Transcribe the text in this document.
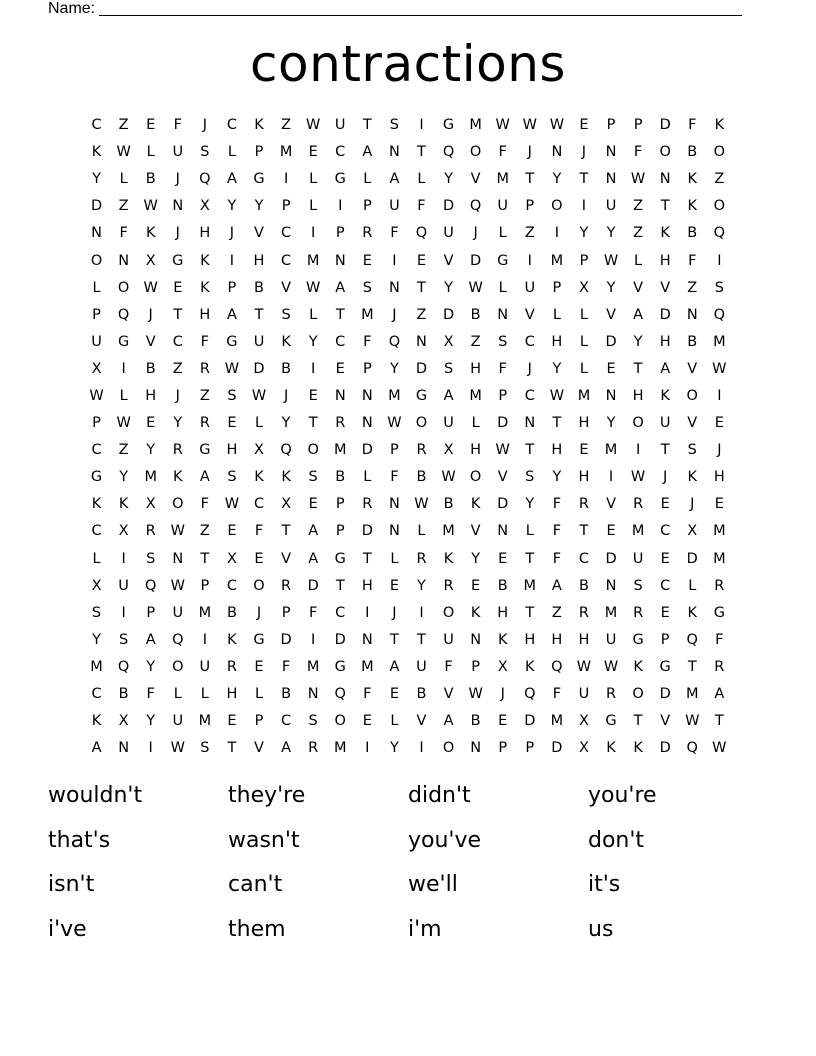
Name:
contractions
C	Z	E	F	J	C	K	Z	W	U	T	S	I	G	M W W W	E	P	P	D	F	K
K	W	L	U	S	L	P	M	E	C	A	N	T	Q	O	F	J	N	J	N	F	O	B	O
Y	L	B	J	Q	A	G	I	L	G	L	A	L	Y	V	M	T	Y	T	N W N	K	Z
D	Z	W N	X	Y	Y	P	L	I	P	U	F	D	Q	U	P	O	I	U	Z	T	K	O
N	F	K	J	H	J	V	C	I	P	R	F	Q	U	J	L	Z	I	Y	Y	Z	K	B	Q
O	N	X	G	K	I	H	C	M	N	E	I	E	V	D	G	I	M	P	W	L	H	F	I
L	O W	E	K	P	B	V	W	A	S	N	T	Y	W	L	U	P	X	Y	V	V	Z	S
P	Q	J	T	H	A	T	S	L	T	M	J	Z	D	B	N	V	L	L	V	A	D	N	Q
U	G	V	C	F	G	U	K	Y	C	F	Q	N	X	Z	S	C	H	L	D	Y	H	B	M
X	I	B	Z	R	W D	B	I	E	P	Y	D	S	H	F	J	Y	L	E	T	A	V	W
W	L	H	J	Z	S	W	J	E	N	N	M	G	A	M	P	C	W M	N	H	K	O	I
P	W	E	Y	R	E	L	Y	T	R	N W O	U	L	D	N	T	H	Y	O	U	V	E
C	Z	Y	R	G	H	X	Q	O	M	D	P	R	X	H W	T	H	E	M	I	T	S	J
G	Y	M	K	A	S	K	K	S	B	L	F	B	W O	V	S	Y	H	I	W	J	K	H
K	K	X	O	F	W	C	X	E	P	R	N W	B	K	D	Y	F	R	V	R	E	J	E
C	X	R	W	Z	E	F	T	A	P	D	N	L	M	V	N	L	F	T	E	M	C	X	M
L	I	S	N	T	X	E	V	A	G	T	L	R	K	Y	E	T	F	C	D	U	E	D	M
X	U	Q W	P	C	O	R	D	T	H	E	Y	R	E	B	M	A	B	N	S	C	L	R
S	I	P	U	M	B	J	P	F	C	I	J	I	O	K	H	T	Z	R	M	R	E	K	G
Y	S	A	Q	I	K	G	D	I	D	N	T	T	U	N	K	H	H	H	U	G	P	Q	F
M	Q	Y	O	U	R	E	F	M	G	M	A	U	F	P	X	K	Q W W	K	G	T	R
C	B	F	L	L	H	L	B	N	Q	F	E	B	V	W	J	Q	F	U	R	O	D	M	A
K	X	Y	U	M	E	P	C	S	O	E	L	V	A	B	E	D	M	X	G	T	V	W	T
A	N	I	W	S	T	V	A	R	M	I	Y	I	O	N	P	P	D	X	K	K	D	Q W
wouldn't	they're	didn't	you're
that's	wasn't	you've	don't
isn't	can't	we'll	it's
i've	them	i'm	us
